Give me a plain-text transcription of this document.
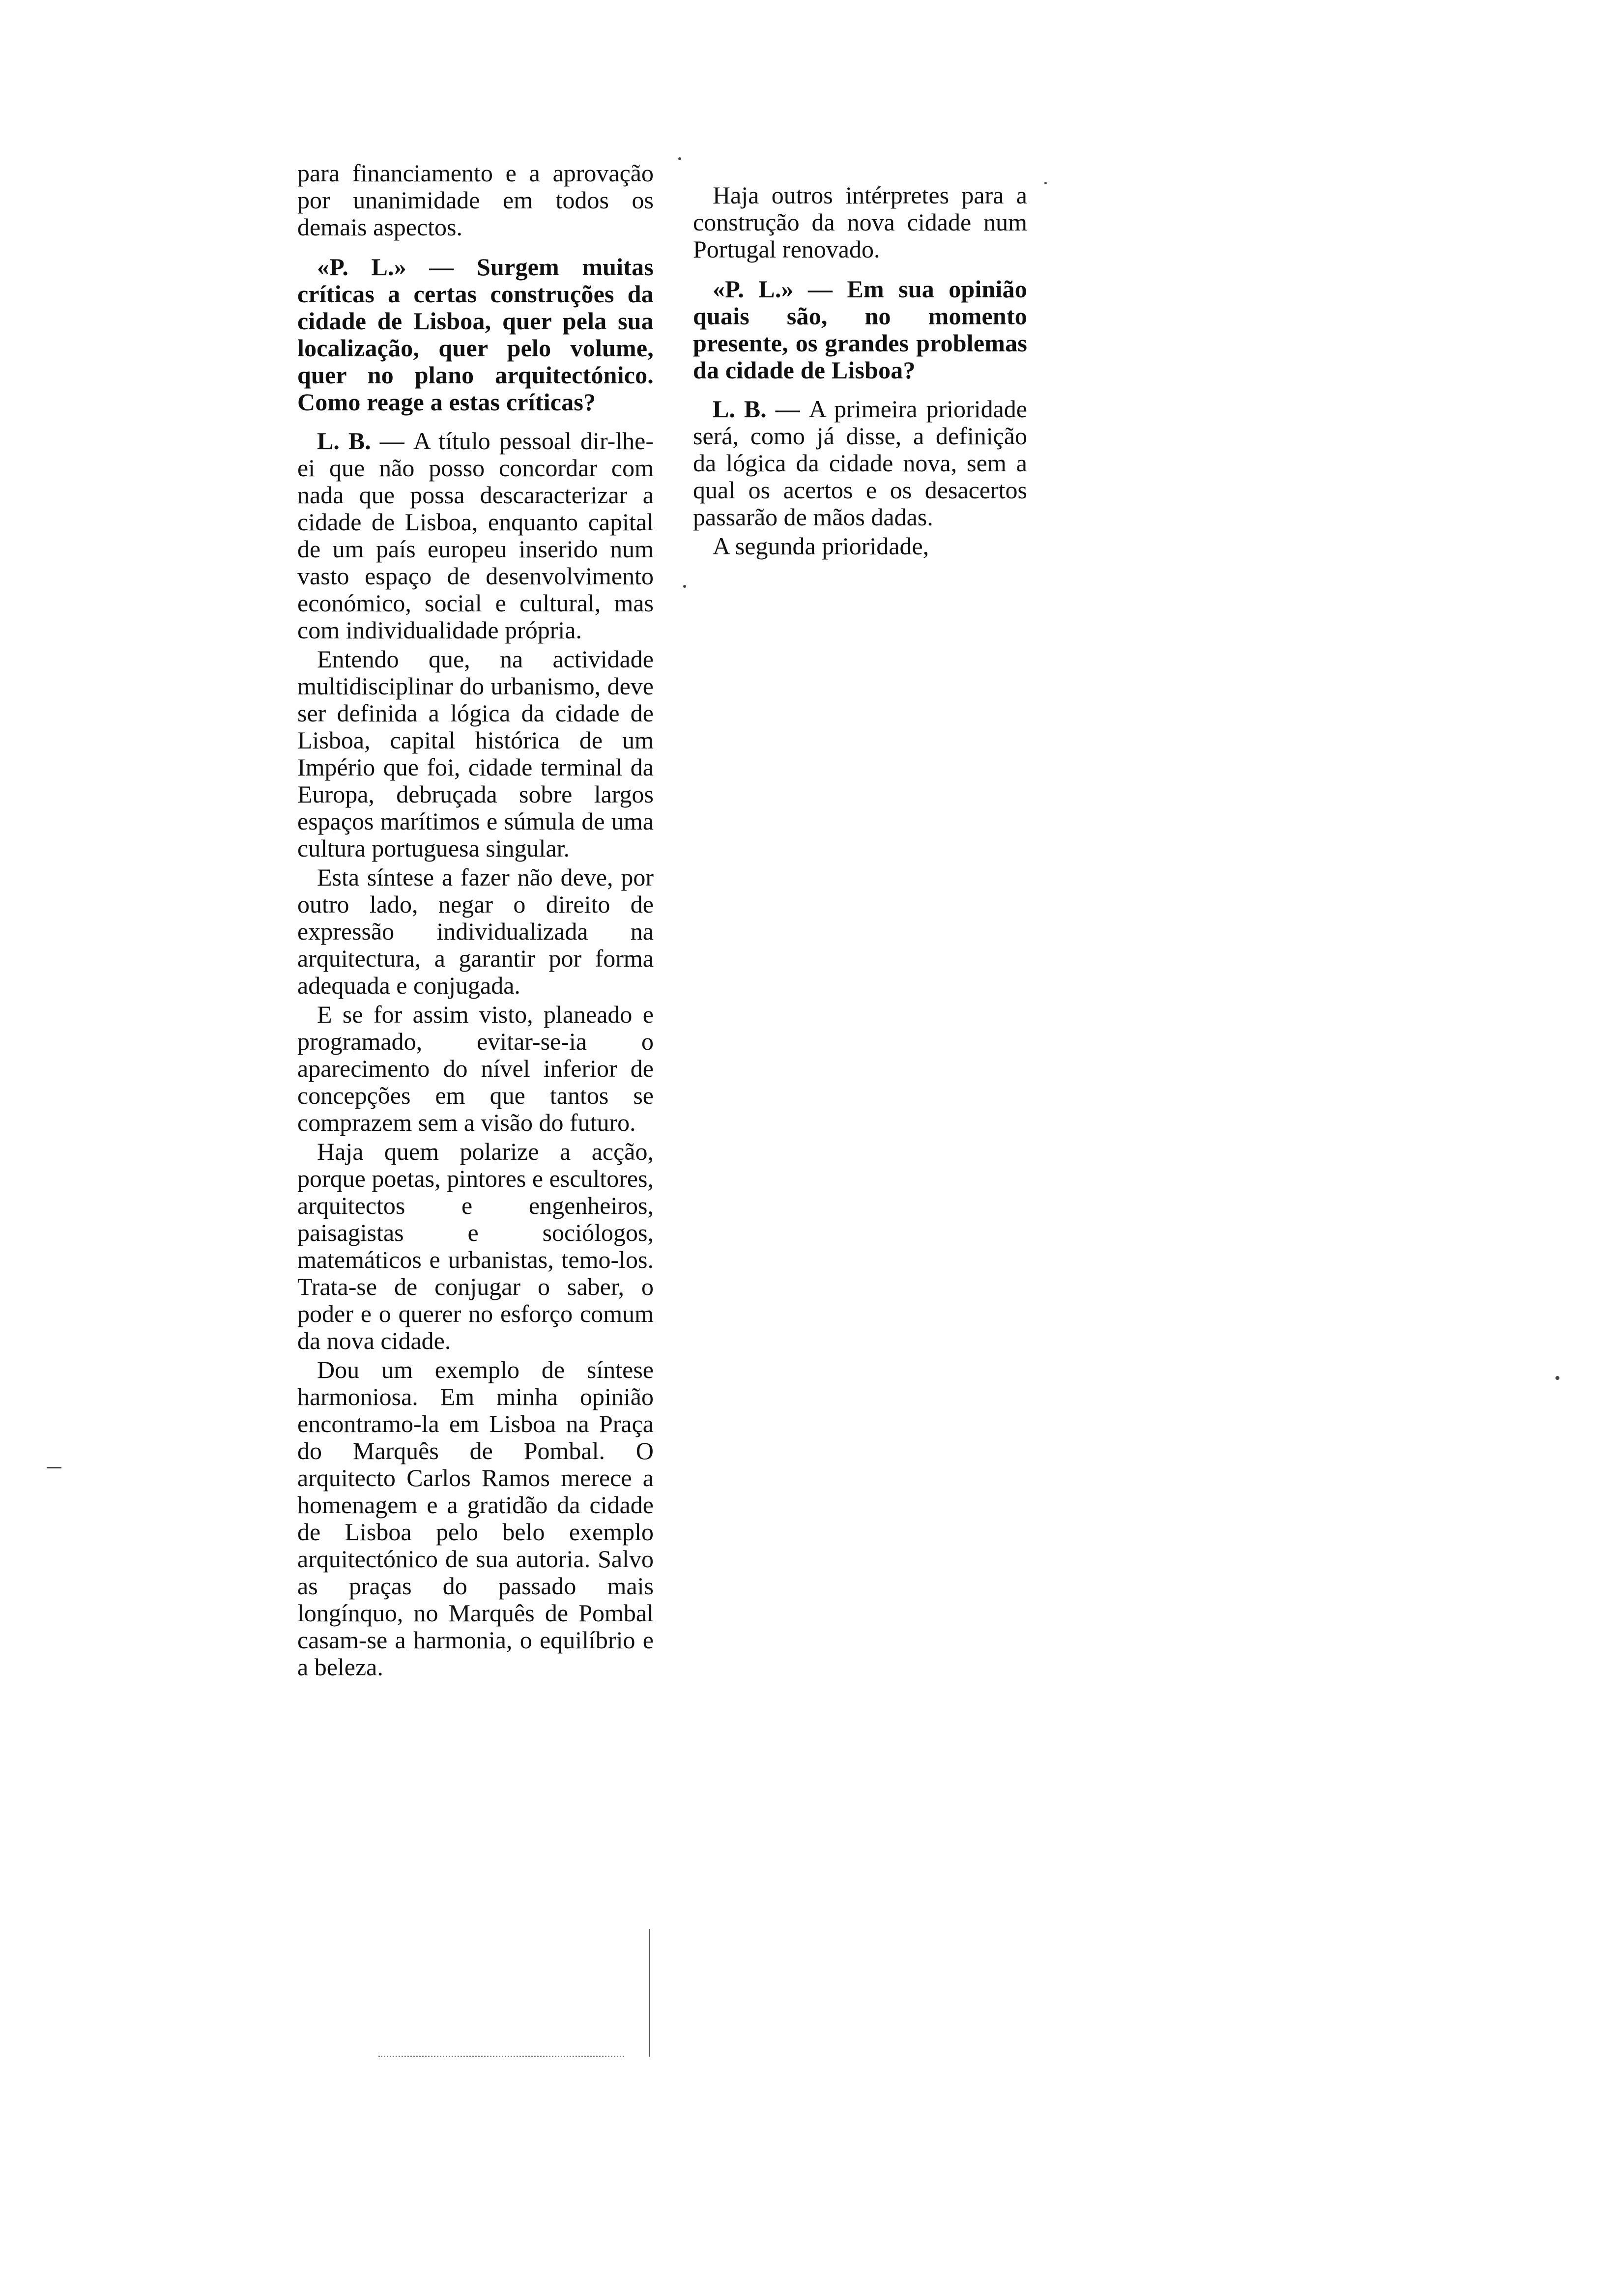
para financiamento e a aprovação por unanimidade em todos os demais aspectos.

«P. L.» — Surgem muitas críticas a certas construções da cidade de Lisboa, quer pela sua localização, quer pelo volume, quer no plano arquitectónico. Como reage a estas críticas?

L. B. — A título pessoal dir-lhe-ei que não posso concordar com nada que possa descaracterizar a cidade de Lisboa, enquanto capital de um país europeu inserido num vasto espaço de desenvolvimento económico, social e cultural, mas com individualidade própria.

Entendo que, na actividade multidisciplinar do urbanismo, deve ser definida a lógica da cidade de Lisboa, capital histórica de um Império que foi, cidade terminal da Europa, debruçada sobre largos espaços marítimos e súmula de uma cultura portuguesa singular.

Esta síntese a fazer não deve, por outro lado, negar o direito de expressão individualizada na arquitectura, a garantir por forma adequada e conjugada.

E se for assim visto, planeado e programado, evitar-se-ia o aparecimento do nível inferior de concepções em que tantos se comprazem sem a visão do futuro.

Haja quem polarize a acção, porque poetas, pintores e escultores, arquitectos e engenheiros, paisagistas e sociólogos, matemáticos e urbanistas, temo-los. Trata-se de conjugar o saber, o poder e o querer no esforço comum da nova cidade.

Dou um exemplo de síntese harmoniosa. Em minha opinião encontramo-la em Lisboa na Praça do Marquês de Pombal. O arquitecto Carlos Ramos merece a homenagem e a gratidão da cidade de Lisboa pelo belo exemplo arquitectónico de sua autoria. Salvo as praças do passado mais longínquo, no Marquês de Pombal casam-se a harmonia, o equilíbrio e a beleza.

Haja outros intérpretes para a construção da nova cidade num Portugal renovado.

«P. L.» — Em sua opinião quais são, no momento presente, os grandes problemas da cidade de Lisboa?

L. B. — A primeira prioridade será, como já disse, a definição da lógica da cidade nova, sem a qual os acertos e os desacertos passarão de mãos dadas.

A segunda prioridade,
